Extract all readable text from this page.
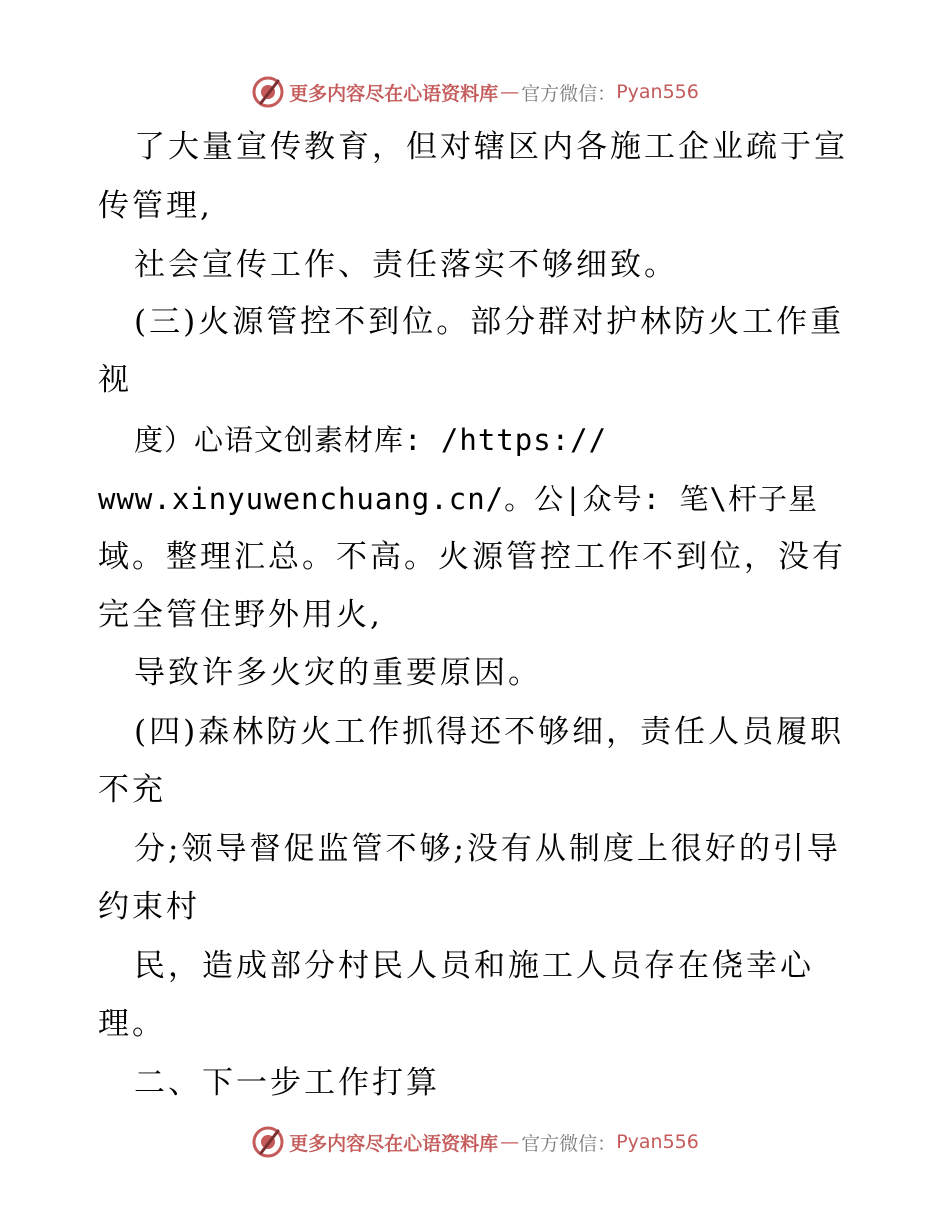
更多内容尽在心语资料库 — 官方微信： Pyan556
了大量宣传教育，但对辖区内各施工企业疏于宣
传管理,
社会宣传工作、责任落实不够细致。
(三)火源管控不到位。部分群对护林防火工作重
视
度）心语文创素材库: /https://
www.xinyuwenchuang.cn/。公|众号: 笔\杆子星
域。整理汇总。不高。火源管控工作不到位，没有
完全管住野外用火,
导致许多火灾的重要原因。
(四)森林防火工作抓得还不够细，责任人员履职
不充
分;领导督促监管不够;没有从制度上很好的引导
约束村
民，造成部分村民人员和施工人员存在侥幸心
理。
二、下一步工作打算
更多内容尽在心语资料库 — 官方微信： Pyan556
